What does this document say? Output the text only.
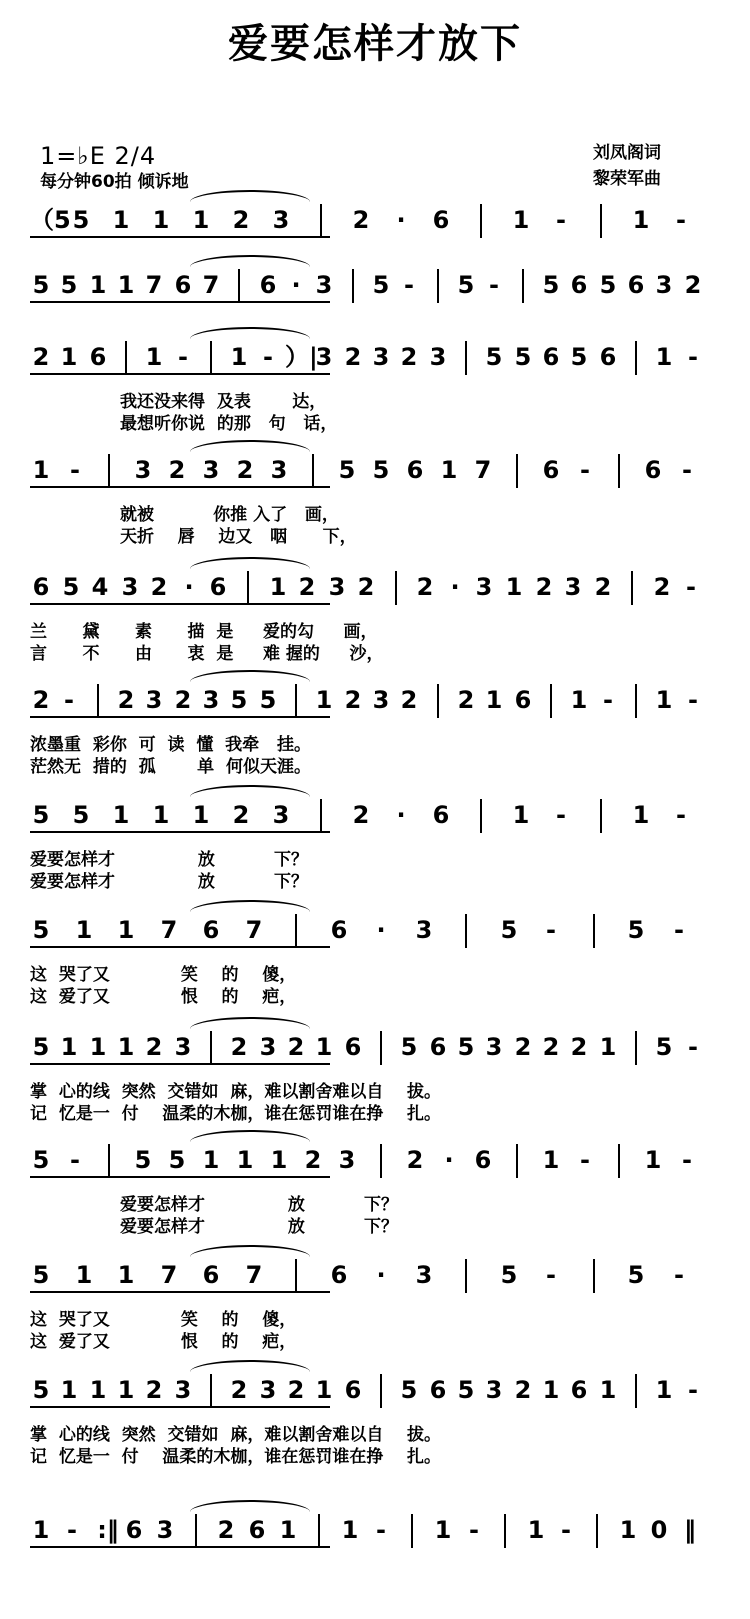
爱要怎样才放下
1=♭E 2/4
每分钟60拍 倾诉地
刘凤阁词
黎荣军曲
（5 5 1 1 1 2 3	2 · 6	1 -	1 -
5 5 1 1 7 6 7 6 · 3 5 - 5 - 5 6 5 6 3 2
2 1 6 1 - 1 - ）|
3 2 3 2 3 5 5 6 5 6 1 -
我还没来得  及表       达，
最想听你说  的那   句   话，
1 - 3 2 3 2 3 5 5 6 1 7 6 - 6 -
就被          你推 入了   画，
天折    唇    边又   咽      下，
6 5 4 3 2 · 6 1 2 3 2 2 · 3 1 2 3 2 2 -
兰      黛      素      描  是     爱的勾     画，
言      不      由      衷  是     难 握的     沙，
2 - 2 3 2 3 5 5 1 2 3 2 2 1 6 1 - 1 -
浓墨重  彩你  可  读  懂  我牵   挂。
茫然无  措的  孤       单  何似天涯。
5 5 1 1 1 2 3	2 · 6	1 -	1 -
爱要怎样才              放          下？
爱要怎样才              放          下？
5 1 1 7 6 7	6 · 3	5 -	5 -
这  哭了又            笑    的    傻，
这  爱了又            恨    的    疤，
5 1 1 1 2 3 2 3 2 1 6 5 6 5 3 2 2 2 1 5 -
掌  心的线  突然  交错如  麻，难以割舍难以自    拔。
记  忆是一  付    温柔的木枷，谁在惩罚谁在挣    扎。
5 - 5 5 1 1 1 2 3 2 · 6 1 - 1 -
爱要怎样才              放          下？
爱要怎样才              放          下？
5 1 1 7 6 7	6 · 3	5 -	5 -
这  哭了又            笑    的    傻，
这  爱了又            恨    的    疤，
5 1 1 1 2 3 2 3 2 1 6 5 6 5 3 2 1 6 1 1 -
掌  心的线  突然  交错如  麻，难以割舍难以自    拔。
记  忆是一  付    温柔的木枷，谁在惩罚谁在挣    扎。
1 - :‖ 6 3 2 6 1 1 - 1 - 1 - 1 0 ‖
